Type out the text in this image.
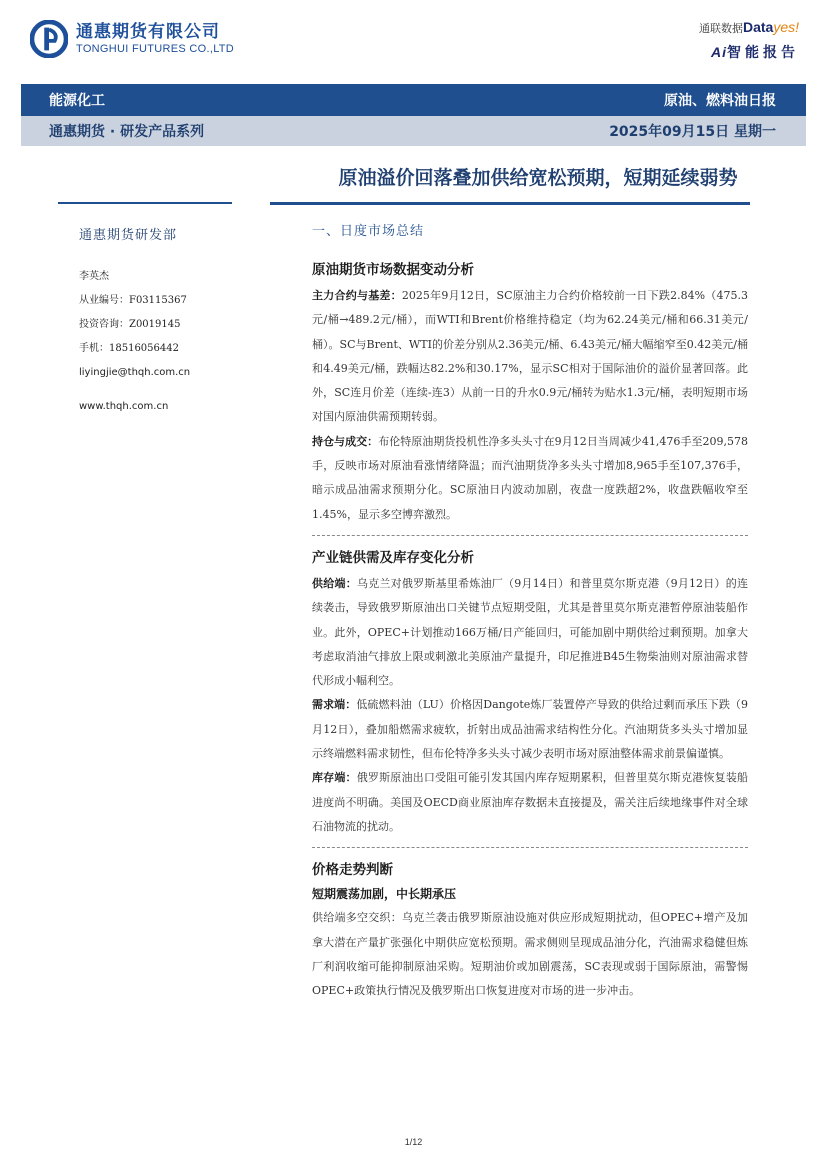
通惠期货有限公司
TONGHUI FUTURES CO.,LTD
通联数据Datayes!
Ai智能报告
能源化工	原油、燃料油日报
通惠期货 · 研发产品系列	2025年09月15日 星期一
原油溢价回落叠加供给宽松预期，短期延续弱势
通惠期货研发部
李英杰
从业编号：F03115367
投资咨询：Z0019145
手机：18516056442
liyingjie@thqh.com.cn
www.thqh.com.cn
一、日度市场总结
原油期货市场数据变动分析

主力合约与基差：2025年9月12日，SC原油主力合约价格较前一日下跌2.84%（475.3元/桶→489.2元/桶），而WTI和Brent价格维持稳定（均为62.24美元/桶和66.31美元/桶）。SC与Brent、WTI的价差分别从2.36美元/桶、6.43美元/桶大幅缩窄至0.42美元/桶和4.49美元/桶，跌幅达82.2%和30.17%，显示SC相对于国际油价的溢价显著回落。此外，SC连月价差（连续-连3）从前一日的升水0.9元/桶转为贴水1.3元/桶，表明短期市场对国内原油供需预期转弱。

持仓与成交：布伦特原油期货投机性净多头头寸在9月12日当周减少41,476手至209,578手，反映市场对原油看涨情绪降温；而汽油期货净多头头寸增加8,965手至107,376手，暗示成品油需求预期分化。SC原油日内波动加剧，夜盘一度跌超2%，收盘跌幅收窄至1.45%，显示多空博弈激烈。

产业链供需及库存变化分析

供给端：乌克兰对俄罗斯基里希炼油厂（9月14日）和普里莫尔斯克港（9月12日）的连续袭击，导致俄罗斯原油出口关键节点短期受阻，尤其是普里莫尔斯克港暂停原油装船作业。此外，OPEC+计划推动166万桶/日产能回归，可能加剧中期供给过剩预期。加拿大考虑取消油气排放上限或刺激北美原油产量提升，印尼推进B45生物柴油则对原油需求替代形成小幅利空。

需求端：低硫燃料油（LU）价格因Dangote炼厂装置停产导致的供给过剩而承压下跌（9月12日），叠加船燃需求疲软，折射出成品油需求结构性分化。汽油期货多头头寸增加显示终端燃料需求韧性，但布伦特净多头头寸减少表明市场对原油整体需求前景偏谨慎。

库存端：俄罗斯原油出口受阻可能引发其国内库存短期累积，但普里莫尔斯克港恢复装船进度尚不明确。美国及OECD商业原油库存数据未直接提及，需关注后续地缘事件对全球石油物流的扰动。

价格走势判断
短期震荡加剧，中长期承压

供给端多空交织：乌克兰袭击俄罗斯原油设施对供应形成短期扰动，但OPEC+增产及加拿大潜在产量扩张强化中期供应宽松预期。需求侧则呈现成品油分化，汽油需求稳健但炼厂利润收缩可能抑制原油采购。短期油价或加剧震荡，SC表现或弱于国际原油，需警惕OPEC+政策执行情况及俄罗斯出口恢复进度对市场的进一步冲击。

1/12
